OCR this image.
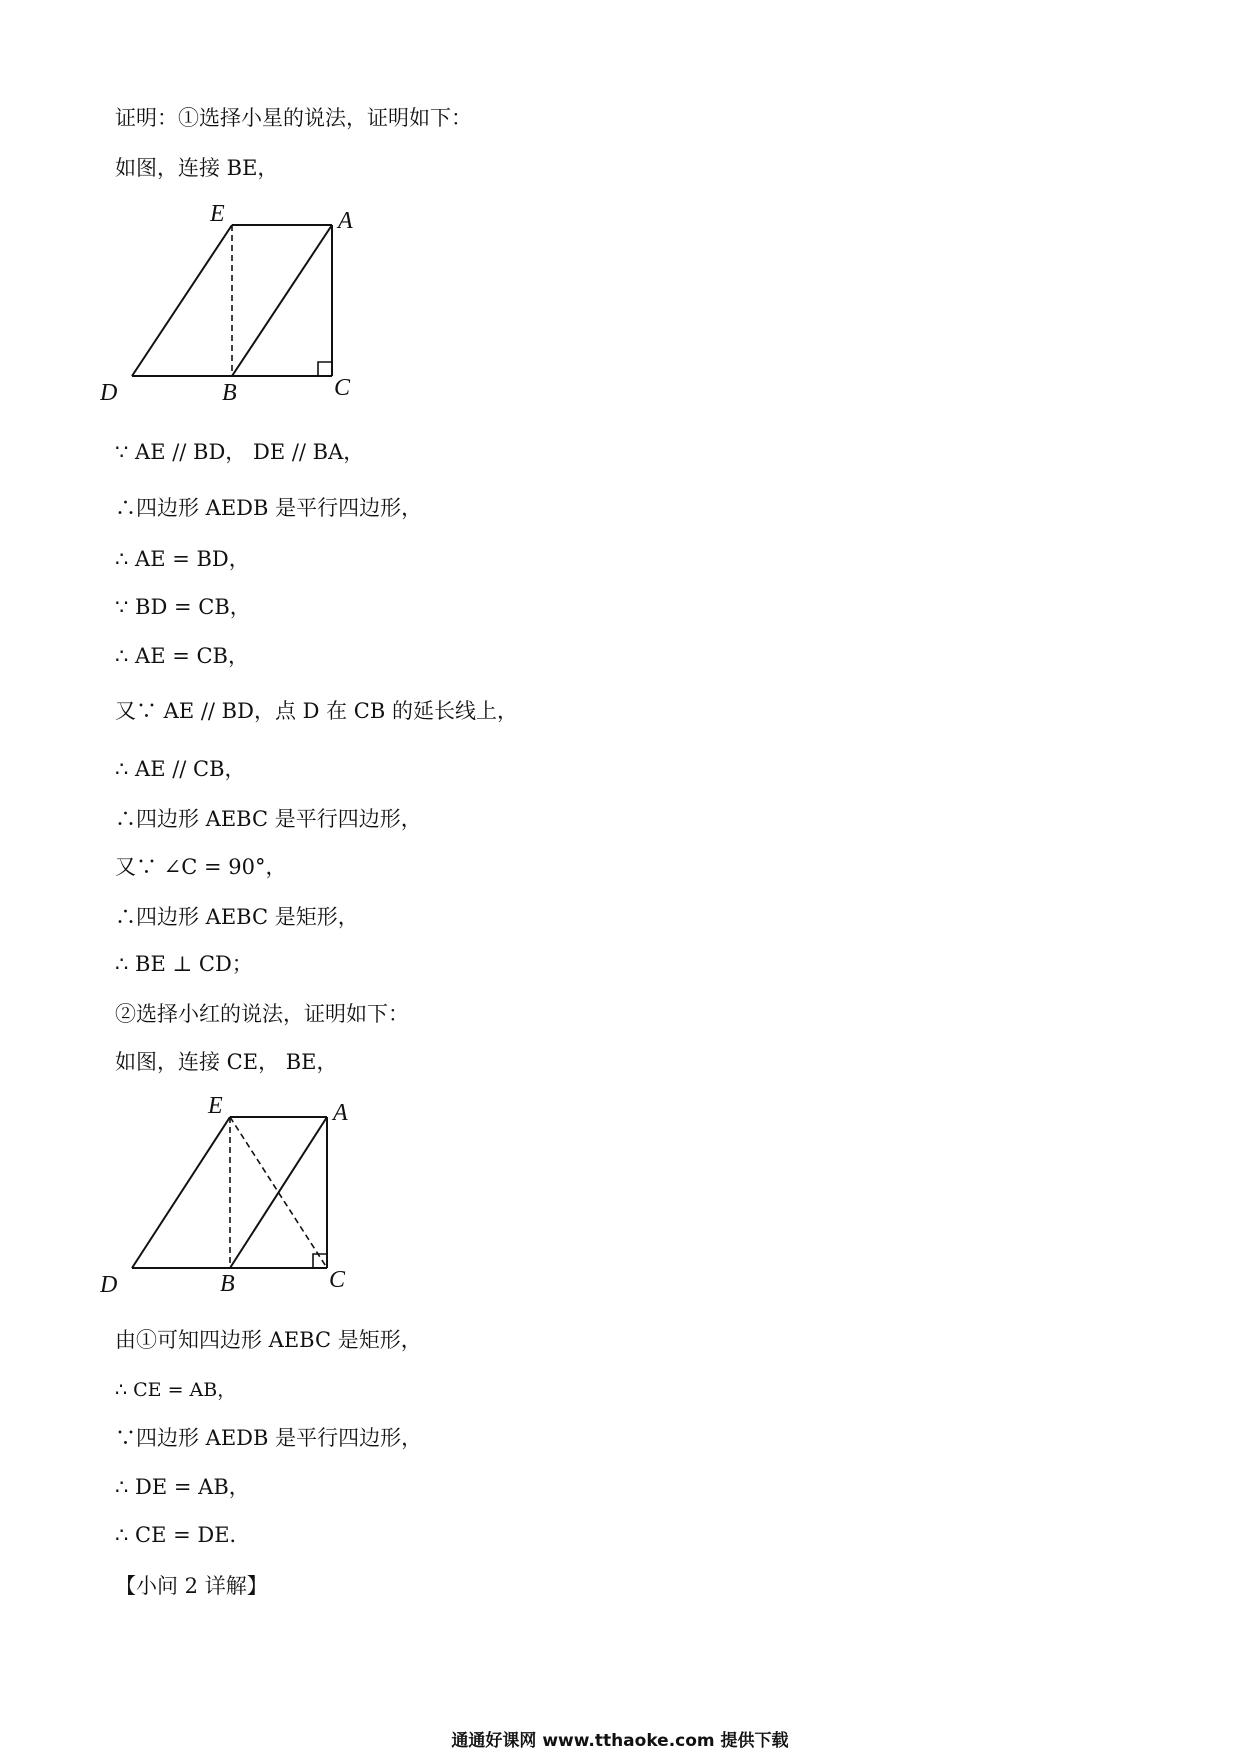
证明：①选择小星的说法，证明如下：
如图，连接 BE，
E	A
D	B	C
∵ AE // BD， DE // BA，
∴四边形 AEDB 是平行四边形，
∴ AE = BD，
∵ BD = CB，
∴ AE = CB，
又∵ AE // BD，点 D 在 CB 的延长线上，
∴ AE // CB，
∴四边形 AEBC 是平行四边形，
又∵ ∠C = 90°，
∴四边形 AEBC 是矩形，
∴ BE ⊥ CD；
②选择小红的说法，证明如下：
如图，连接 CE， BE，
E	A
D	B	C
由①可知四边形 AEBC 是矩形，
∴ CE = AB，
∵四边形 AEDB 是平行四边形，
∴ DE = AB，
∴ CE = DE．
【小问 2 详解】
通通好课网 www.tthaoke.com 提供下载
